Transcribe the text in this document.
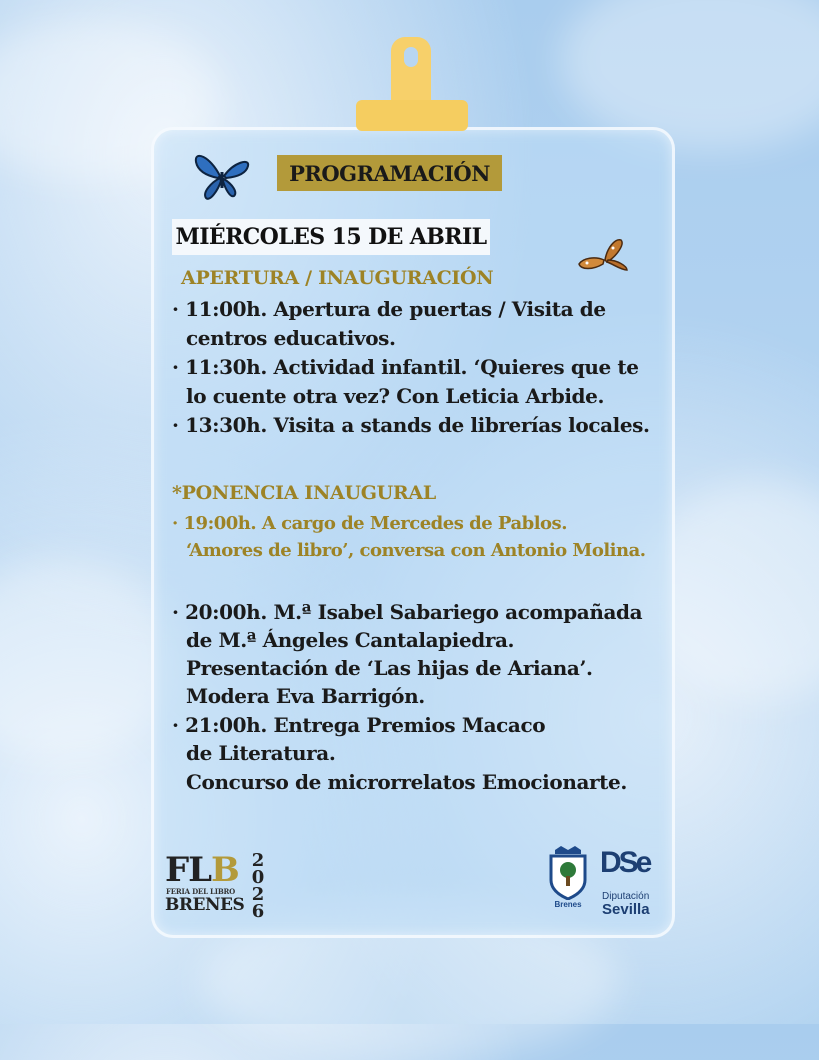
PROGRAMACIÓN
MIÉRCOLES 15 DE ABRIL
APERTURA / INAUGURACIÓN
· 11:00h. Apertura de puertas / Visita de
centros educativos.
· 11:30h. Actividad infantil. ‘Quieres que te
lo cuente otra vez? Con Leticia Arbide.
· 13:30h. Visita a stands de librerías locales.
*PONENCIA INAUGURAL
· 19:00h. A cargo de Mercedes de Pablos.
‘Amores de libro’, conversa con Antonio Molina.
· 20:00h. M.ª Isabel Sabariego acompañada
de M.ª Ángeles Cantalapiedra.
Presentación de ‘Las hijas de Ariana’.
Modera Eva Barrigón.
· 21:00h. Entrega Premios Macaco
de Literatura.
Concurso de microrrelatos Emocionarte.
FLB
FERIA DEL LIBRO
BRENES
2
0
2
6	Brenes
DSe
Diputación
Sevilla
